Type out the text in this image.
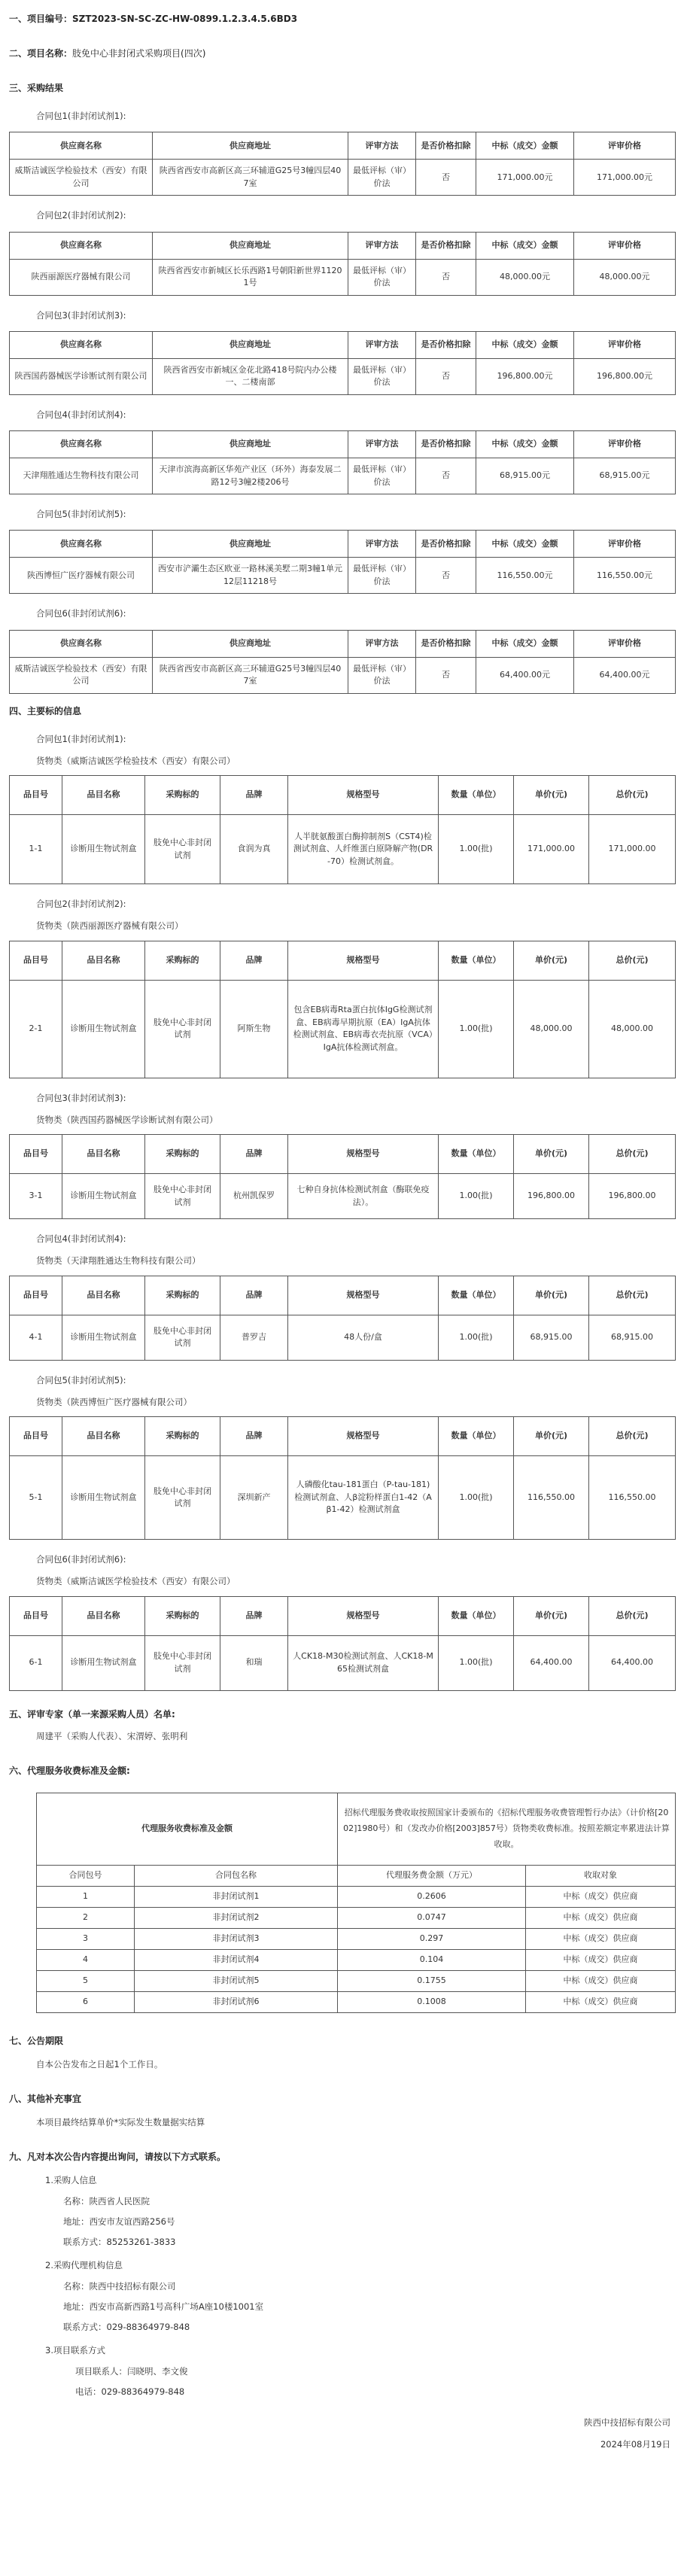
一、项目编号：SZT2023-SN-SC-ZC-HW-0899.1.2.3.4.5.6BD3
二、项目名称：肢免中心非封闭式采购项目(四次)
三、采购结果
合同包1(非封闭试剂1):
供应商名称	供应商地址	评审方法	是否价格扣除	中标（成交）金额	评审价格
威斯洁诚医学检验技术（西安）有限公司	陕西省西安市高新区高三环辅道G25号3幢四层407室	最低评标（审）价法	否	171,000.00元	171,000.00元
合同包2(非封闭试剂2):
供应商名称	供应商地址	评审方法	是否价格扣除	中标（成交）金额	评审价格
陕西丽源医疗器械有限公司	陕西省西安市新城区长乐西路1号朝阳新世界11201号	最低评标（审）价法	否	48,000.00元	48,000.00元
合同包3(非封闭试剂3):
供应商名称	供应商地址	评审方法	是否价格扣除	中标（成交）金额	评审价格
陕西国药器械医学诊断试剂有限公司	陕西省西安市新城区金花北路418号院内办公楼一、二楼南部	最低评标（审）价法	否	196,800.00元	196,800.00元
合同包4(非封闭试剂4):
供应商名称	供应商地址	评审方法	是否价格扣除	中标（成交）金额	评审价格
天津翔胜通达生物科技有限公司	天津市滨海高新区华苑产业区（环外）海泰发展二路12号3幢2楼206号	最低评标（审）价法	否	68,915.00元	68,915.00元
合同包5(非封闭试剂5):
供应商名称	供应商地址	评审方法	是否价格扣除	中标（成交）金额	评审价格
陕西博恒广医疗器械有限公司	西安市浐灞生态区欧亚一路林溪美墅二期3幢1单元12层11218号	最低评标（审）价法	否	116,550.00元	116,550.00元
合同包6(非封闭试剂6):
供应商名称	供应商地址	评审方法	是否价格扣除	中标（成交）金额	评审价格
威斯洁诚医学检验技术（西安）有限公司	陕西省西安市高新区高三环辅道G25号3幢四层407室	最低评标（审）价法	否	64,400.00元	64,400.00元
四、主要标的信息
合同包1(非封闭试剂1):
货物类（威斯洁诚医学检验技术（西安）有限公司）
品目号	品目名称	采购标的	品牌	规格型号	数量（单位）	单价(元)	总价(元)
1-1	诊断用生物试剂盒	肢免中心非封闭试剂	食润为真	人半胱氨酸蛋白酶抑制剂S（CST4)检测试剂盒、人纤维蛋白原降解产物(DR-70）检测试剂盒。	1.00(批)	171,000.00	171,000.00
合同包2(非封闭试剂2):
货物类（陕西丽源医疗器械有限公司）
品目号	品目名称	采购标的	品牌	规格型号	数量（单位）	单价(元)	总价(元)
2-1	诊断用生物试剂盒	肢免中心非封闭试剂	阿斯生物	包含EB病毒Rta蛋白抗体IgG检测试剂盒、EB病毒早期抗原（EA）IgA抗体检测试剂盒、EB病毒衣壳抗原（VCA）IgA抗体检测试剂盒。	1.00(批)	48,000.00	48,000.00
合同包3(非封闭试剂3):
货物类（陕西国药器械医学诊断试剂有限公司）
品目号	品目名称	采购标的	品牌	规格型号	数量（单位）	单价(元)	总价(元)
3-1	诊断用生物试剂盒	肢免中心非封闭试剂	杭州凯保罗	七种自身抗体检测试剂盒（酶联免疫法）。	1.00(批)	196,800.00	196,800.00
合同包4(非封闭试剂4):
货物类（天津翔胜通达生物科技有限公司）
品目号	品目名称	采购标的	品牌	规格型号	数量（单位）	单价(元)	总价(元)
4-1	诊断用生物试剂盒	肢免中心非封闭试剂	普罗吉	48人份/盒	1.00(批)	68,915.00	68,915.00
合同包5(非封闭试剂5):
货物类（陕西博恒广医疗器械有限公司）
品目号	品目名称	采购标的	品牌	规格型号	数量（单位）	单价(元)	总价(元)
5-1	诊断用生物试剂盒	肢免中心非封闭试剂	深圳新产	人磷酸化tau-181蛋白（P-tau-181)检测试剂盒、人β淀粉样蛋白1-42（Aβ1-42）检测试剂盒	1.00(批)	116,550.00	116,550.00
合同包6(非封闭试剂6):
货物类（威斯洁诚医学检验技术（西安）有限公司）
品目号	品目名称	采购标的	品牌	规格型号	数量（单位）	单价(元)	总价(元)
6-1	诊断用生物试剂盒	肢免中心非封闭试剂	和瑞	人CK18-M30检测试剂盒、人CK18-M65检测试剂盒	1.00(批)	64,400.00	64,400.00
五、评审专家（单一来源采购人员）名单:
周建平（采购人代表）、宋渭婷、张明利
六、代理服务收费标准及金额:
代理服务收费标准及金额		招标代理服务费收取按照国家计委颁布的《招标代理服务收费管理暂行办法》（计价格[2002]1980号）和（发改办价格[2003]857号）货物类收费标准。按照差额定率累进法计算收取。	
合同包号	合同包名称	代理服务费金额（万元）	收取对象
1	非封闭试剂1	0.2606	中标（成交）供应商
2	非封闭试剂2	0.0747	中标（成交）供应商
3	非封闭试剂3	0.297	中标（成交）供应商
4	非封闭试剂4	0.104	中标（成交）供应商
5	非封闭试剂5	0.1755	中标（成交）供应商
6	非封闭试剂6	0.1008	中标（成交）供应商
七、公告期限
自本公告发布之日起1个工作日。
八、其他补充事宜
本项目最终结算单价*实际发生数量据实结算
九、凡对本次公告内容提出询问，请按以下方式联系。
1.采购人信息
名称：陕西省人民医院
地址：西安市友谊西路256号
联系方式：85253261-3833
2.采购代理机构信息
名称：陕西中技招标有限公司
地址：西安市高新西路1号高科广场A座10楼1001室
联系方式：029-88364979-848
3.项目联系方式
项目联系人：闫晓明、李文俊
电话：029-88364979-848
陕西中技招标有限公司
2024年08月19日
